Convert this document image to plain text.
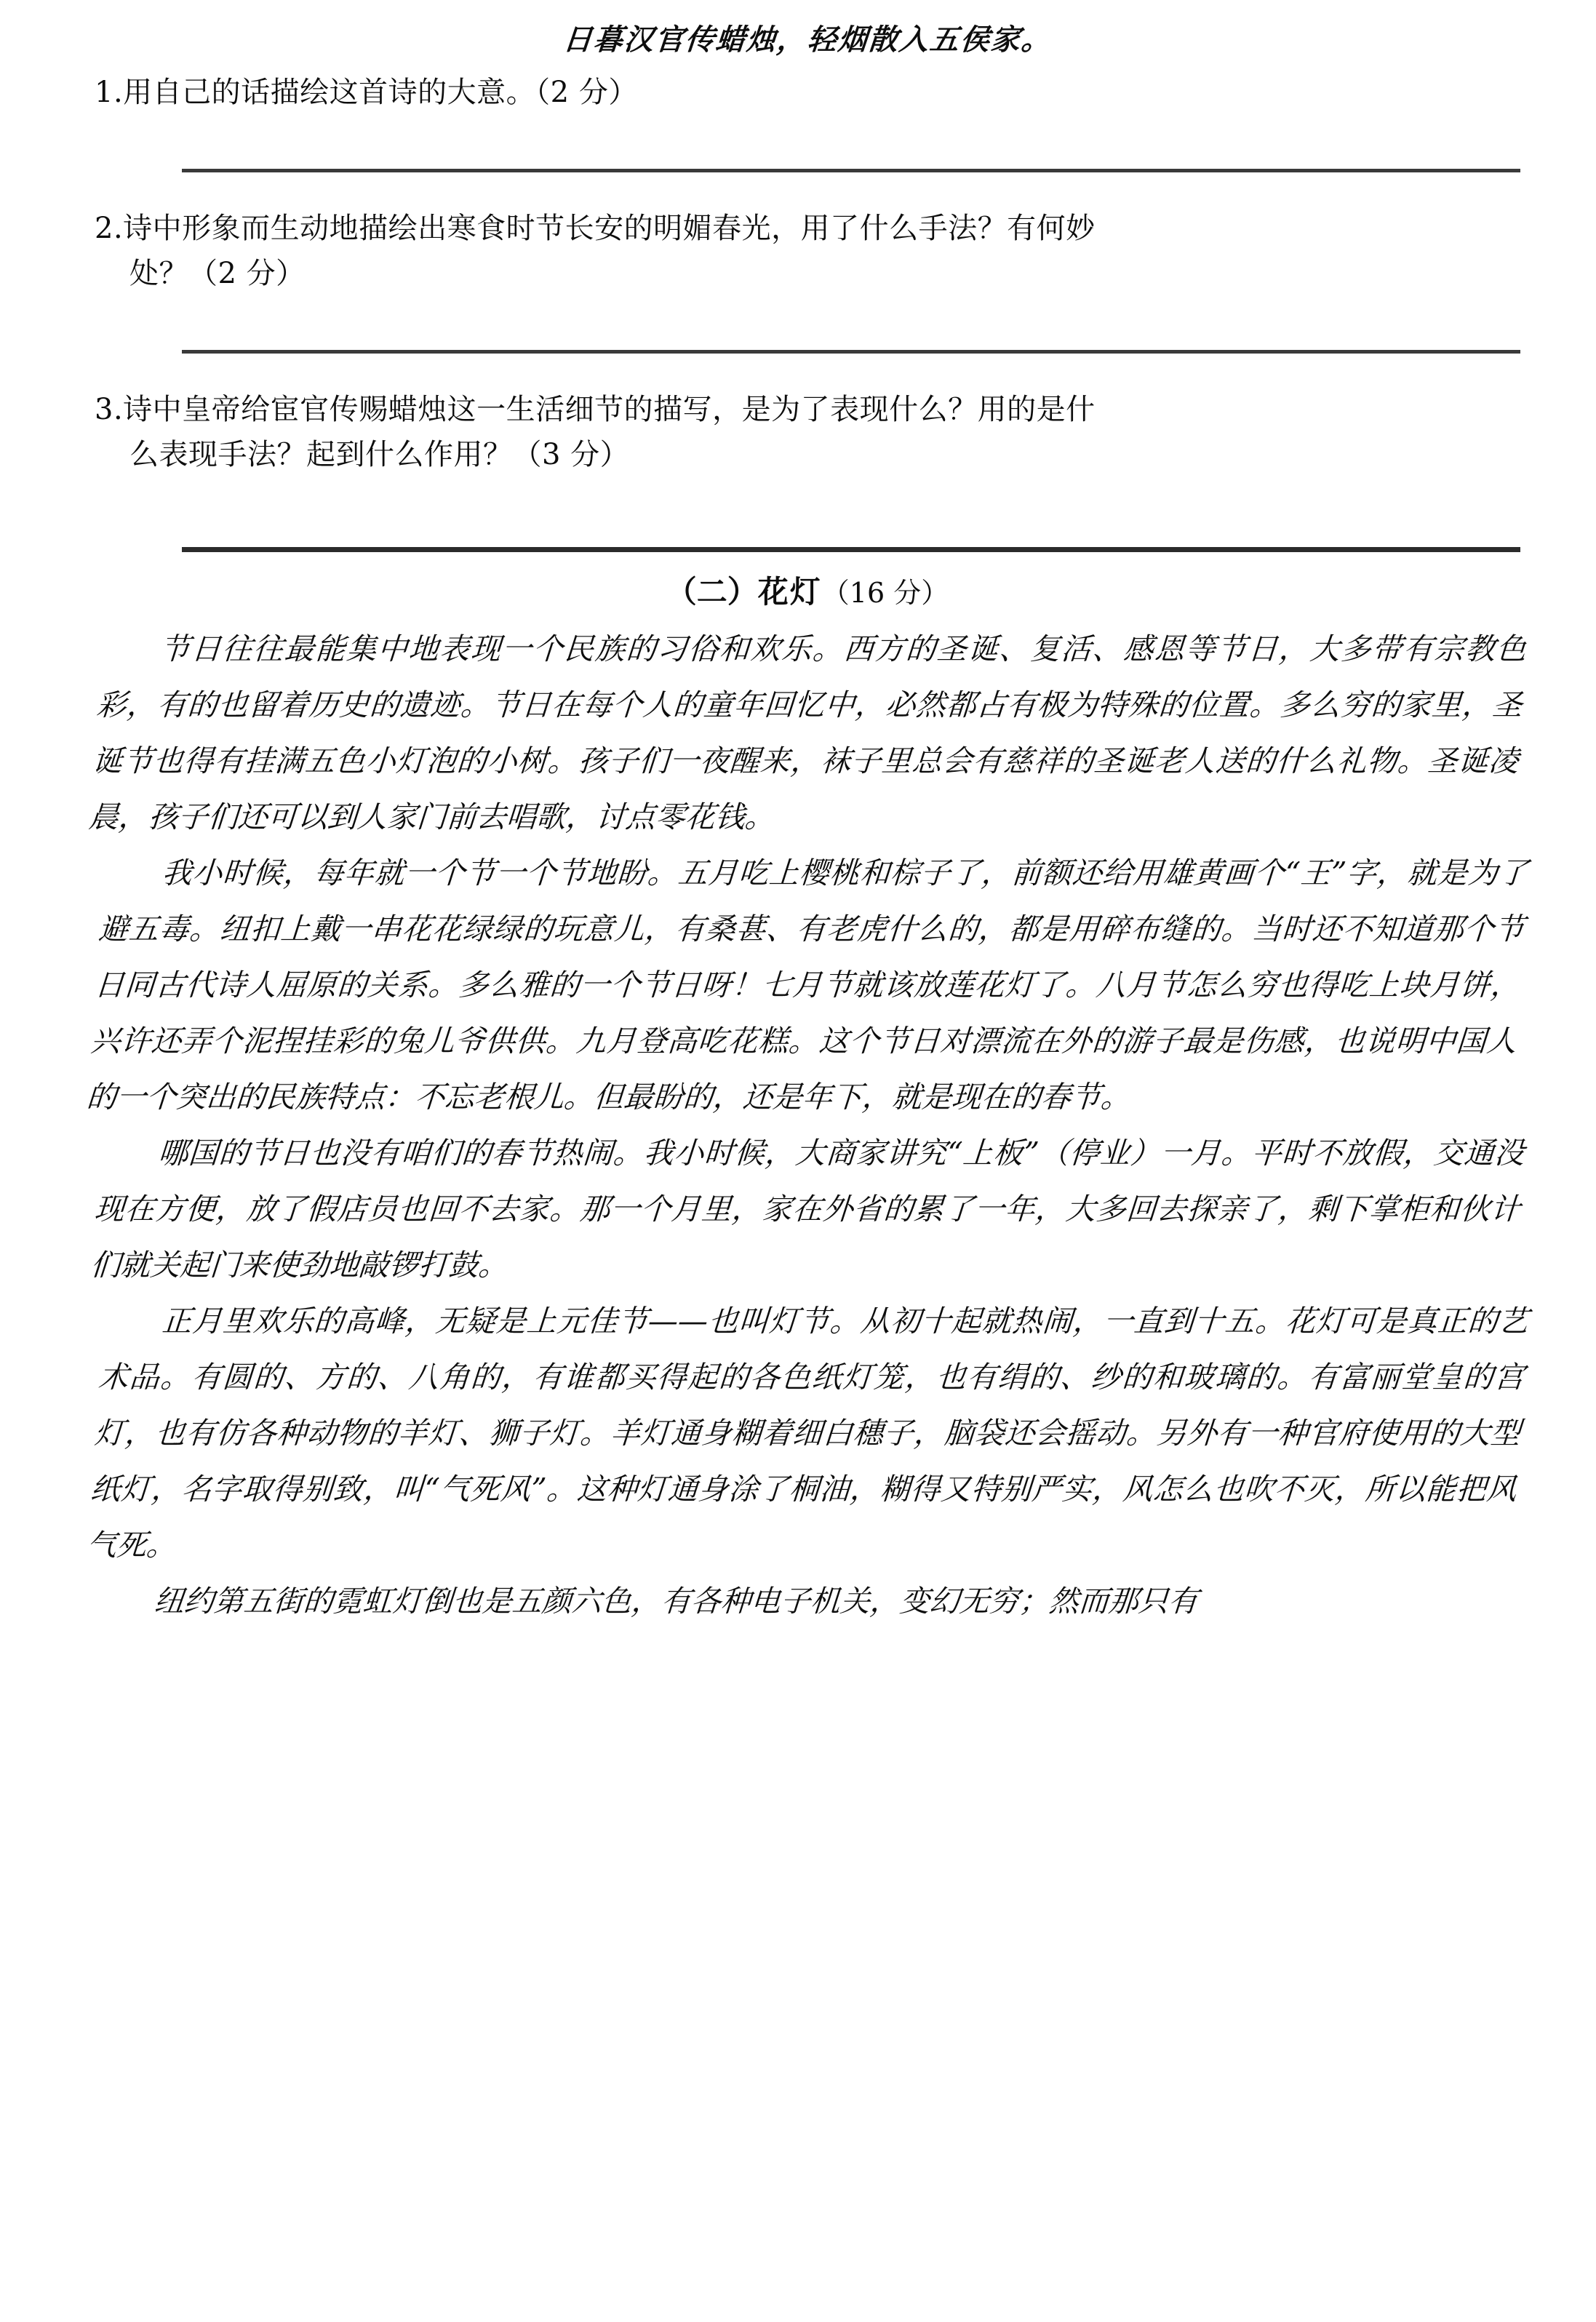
日暮汉官传蜡烛，轻烟散入五侯家。
1.用自己的话描绘这首诗的大意。（2 分）
2.诗中形象而生动地描绘出寒食时节长安的明媚春光，用了什么手法？有何妙
处？（2 分）
3.诗中皇帝给宦官传赐蜡烛这一生活细节的描写，是为了表现什么？用的是什
么表现手法？起到什么作用？（3 分）
（二）花灯（16 分）

节日往往最能集中地表现一个民族的习俗和欢乐。西方的圣诞、复活、感恩等节日，大多带有宗教色彩，有的也留着历史的遗迹。节日在每个人的童年回忆中，必然都占有极为特殊的位置。多么穷的家里，圣诞节也得有挂满五色小灯泡的小树。孩子们一夜醒来，袜子里总会有慈祥的圣诞老人送的什么礼物。圣诞凌晨，孩子们还可以到人家门前去唱歌，讨点零花钱。

我小时候，每年就一个节一个节地盼。五月吃上樱桃和棕子了，前额还给用雄黄画个“王”字，就是为了避五毒。纽扣上戴一串花花绿绿的玩意儿，有桑葚、有老虎什么的，都是用碎布缝的。当时还不知道那个节日同古代诗人屈原的关系。多么雅的一个节日呀！七月节就该放莲花灯了。八月节怎么穷也得吃上块月饼，兴许还弄个泥捏挂彩的兔儿爷供供。九月登高吃花糕。这个节日对漂流在外的游子最是伤感，也说明中国人的一个突出的民族特点：不忘老根儿。但最盼的，还是年下，就是现在的春节。

哪国的节日也没有咱们的春节热闹。我小时候，大商家讲究“上板”（停业）一月。平时不放假，交通没现在方便，放了假店员也回不去家。那一个月里，家在外省的累了一年，大多回去探亲了，剩下掌柜和伙计们就关起门来使劲地敲锣打鼓。

正月里欢乐的高峰，无疑是上元佳节——也叫灯节。从初十起就热闹，一直到十五。花灯可是真正的艺术品。有圆的、方的、八角的，有谁都买得起的各色纸灯笼，也有绢的、纱的和玻璃的。有富丽堂皇的宫灯，也有仿各种动物的羊灯、狮子灯。羊灯通身糊着细白穗子，脑袋还会摇动。另外有一种官府使用的大型纸灯，名字取得别致，叫“气死风”。这种灯通身涂了桐油，糊得又特别严实，风怎么也吹不灭，所以能把风气死。

纽约第五街的霓虹灯倒也是五颜六色，有各种电子机关，变幻无穷；然而那只有
